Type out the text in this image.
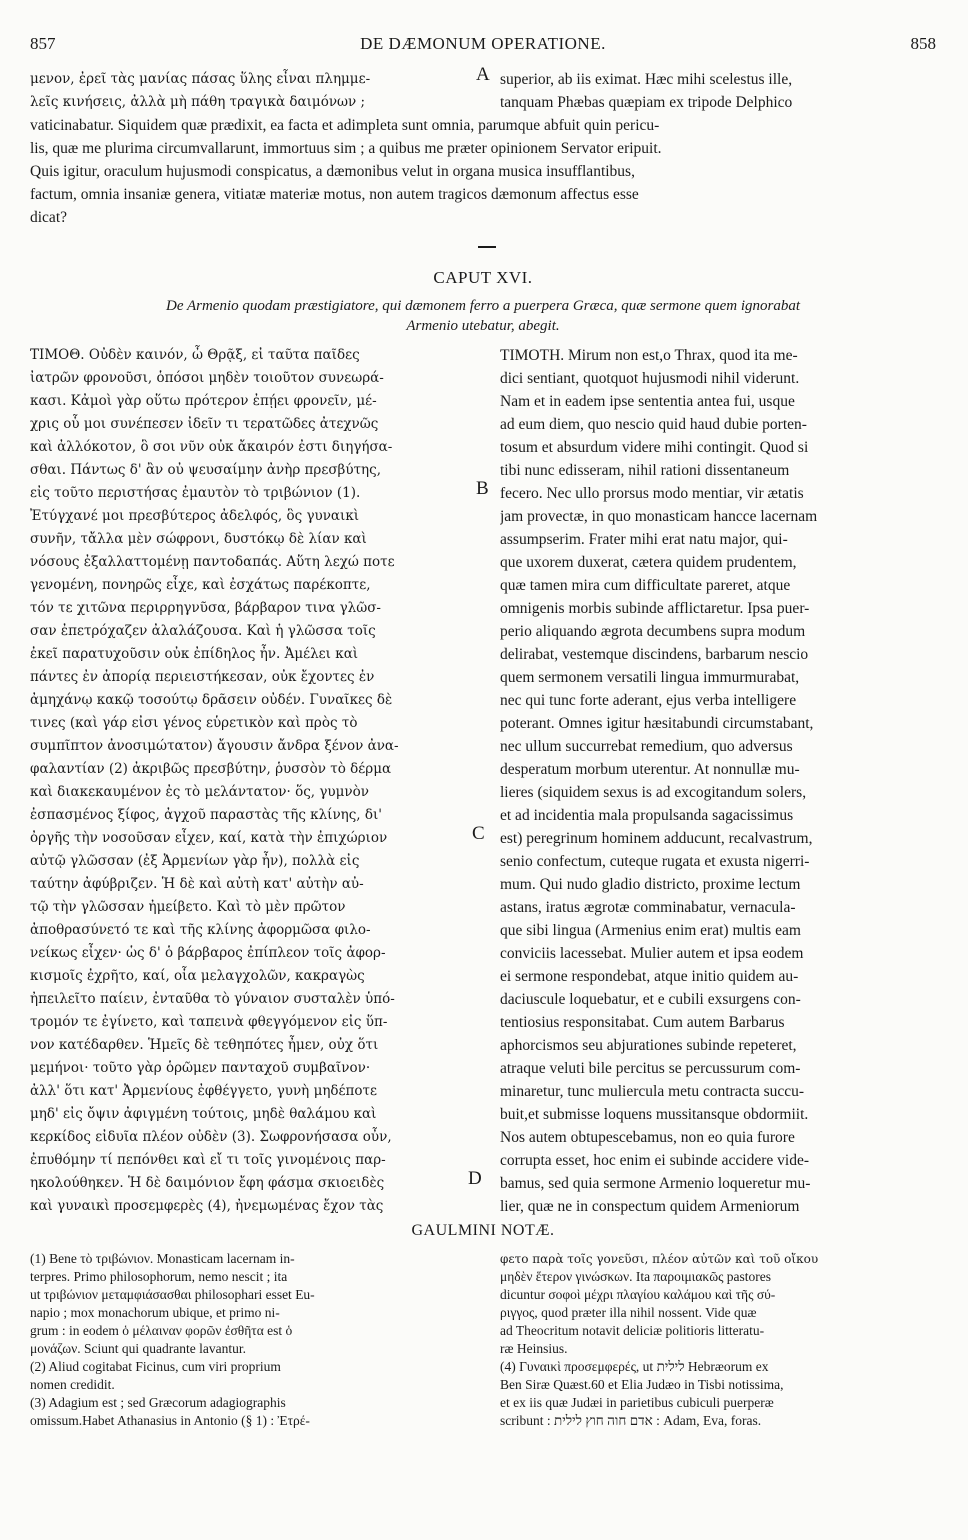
857	DE DÆMONUM OPERATIONE.	858
μενον, ἐρεῖ τὰς μανίας πάσας ὕλης εἶναι πλημμε-
λεῖς κινήσεις, ἀλλὰ μὴ πάθη τραγικὰ δαιμόνων ;
superior, ab iis eximat. Hæc mihi scelestus ille,
tanquam Phæbas quæpiam ex tripode Delphico
A
vaticinabatur. Siquidem quæ prædixit, ea facta et adimpleta sunt omnia, parumque abfuit quin pericu-
lis, quæ me plurima circumvallarunt, immortuus sim ; a quibus me præter opinionem Servator eripuit.
Quis igitur, oraculum hujusmodi conspicatus, a dæmonibus velut in organa musica insufflantibus,
factum, omnia insaniæ genera, vitiatæ materiæ motus, non autem tragicos dæmonum affectus esse
dicat?
CAPUT XVI.
De Armenio quodam præstigiatore, qui dæmonem ferro a puerpera Græca, quæ sermone quem ignorabat
Armenio utebatur, abegit.
ΤΙΜΟΘ. Οὐδὲν καινόν, ὦ Θρᾷξ, εἰ ταῦτα παῖδες
ἰατρῶν φρονοῦσι, ὁπόσοι μηδὲν τοιοῦτον συνεωρά-
κασι. Κἀμοὶ γὰρ οὕτω πρότερον ἐπῄει φρονεῖν, μέ-
χρις οὗ μοι συνέπεσεν ἰδεῖν τι τερατῶδες ἀτεχνῶς
καὶ ἀλλόκοτον, ὃ σοι νῦν οὐκ ἄκαιρόν ἐστι διηγήσα-
σθαι. Πάντως δ' ἂν οὐ ψευσαίμην ἀνὴρ πρεσβύτης,
εἰς τοῦτο περιστήσας ἐμαυτὸν τὸ τριβώνιον (1).
Ἐτύγχανέ μοι πρεσβύτερος ἀδελφός, ὃς γυναικὶ
συνῆν, τἄλλα μὲν σώφρονι, δυστόκῳ δὲ λίαν καὶ
νόσους ἐξαλλαττομένῃ παντοδαπάς. Αὕτη λεχώ ποτε
γενομένη, πονηρῶς εἶχε, καὶ ἐσχάτως παρέκοπτε,
τόν τε χιτῶνα περιρρηγνῦσα, βάρβαρον τινα γλῶσ-
σαν ἐπετρόχαζεν ἀλαλάζουσα. Καὶ ἡ γλῶσσα τοῖς
ἐκεῖ παρατυχοῦσιν οὐκ ἐπίδηλος ἦν. Ἀμέλει καὶ
πάντες ἐν ἀπορίᾳ περιειστήκεσαν, οὐκ ἔχοντες ἐν
ἀμηχάνῳ κακῷ τοσούτῳ δρᾶσειν οὐδέν. Γυναῖκες δὲ
τινες (καὶ γάρ εἰσι γένος εὑρετικὸν καὶ πρὸς τὸ
συμπῖπτον ἀνοσιμώτατον) ἄγουσιν ἄνδρα ξένον ἀνα-
φαλαντίαν (2) ἀκριβῶς πρεσβύτην, ῥυσσὸν τὸ δέρμα
καὶ διακεκαυμένον ἐς τὸ μελάντατον· ὅς, γυμνὸν
ἐσπασμένος ξίφος, ἀγχοῦ παραστὰς τῆς κλίνης, δι'
ὀργῆς τὴν νοσοῦσαν εἶχεν, καί, κατὰ τὴν ἐπιχώριον
αὐτῷ γλῶσσαν (ἐξ Ἀρμενίων γὰρ ἦν), πολλὰ εἰς
ταύτην ἀφύβριζεν. Ἡ δὲ καὶ αὐτὴ κατ' αὐτὴν αὐ-
τῷ τὴν γλῶσσαν ἠμείβετο. Καὶ τὸ μὲν πρῶτον
ἀποθρασύνετό τε καὶ τῆς κλίνης ἀφορμῶσα φιλο-
νείκως εἶχεν· ὡς δ' ὁ βάρβαρος ἐπίπλεον τοῖς ἀφορ-
κισμοῖς ἐχρῆτο, καί, οἷα μελαγχολῶν, κακραγὼς
ἠπειλεῖτο παίειν, ἐνταῦθα τὸ γύναιον συσταλὲν ὑπό-
τρομόν τε ἐγίνετο, καὶ ταπεινὰ φθεγγόμενον εἰς ὕπ-
νον κατέδαρθεν. Ἡμεῖς δὲ τεθηπότες ἦμεν, οὐχ ὅτι
μεμήνοι· τοῦτο γὰρ ὁρῶμεν πανταχοῦ συμβαῖνον·
ἀλλ' ὅτι κατ' Ἀρμενίους ἐφθέγγετο, γυνὴ μηδέποτε
μηδ' εἰς ὄψιν ἀφιγμένη τούτοις, μηδὲ θαλάμου καὶ
κερκίδος εἰδυῖα πλέον οὐδὲν (3). Σωφρονήσασα οὖν,
ἐπυθόμην τί πεπόνθει καὶ εἴ τι τοῖς γινομένοις παρ-
ηκολούθηκεν. Ἡ δὲ δαιμόνιον ἔφη φάσμα σκιοειδὲς
καὶ γυναικὶ προσεμφερὲς (4), ἠνεμωμένας ἔχον τὰς
B
C
D
TIMOTH. Mirum non est,o Thrax, quod ita me-
dici sentiant, quotquot hujusmodi nihil viderunt.
Nam et in eadem ipse sententia antea fui, usque
ad eum diem, quo nescio quid haud dubie porten-
tosum et absurdum videre mihi contingit. Quod si
tibi nunc edisseram, nihil rationi dissentaneum
fecero. Nec ullo prorsus modo mentiar, vir ætatis
jam provectæ, in quo monasticam hancce lacernam
assumpserim. Frater mihi erat natu major, qui-
que uxorem duxerat, cætera quidem prudentem,
quæ tamen mira cum difficultate pareret, atque
omnigenis morbis subinde afflictaretur. Ipsa puer-
perio aliquando ægrota decumbens supra modum
delirabat, vestemque discindens, barbarum nescio
quem sermonem versatili lingua immurmurabat,
nec qui tunc forte aderant, ejus verba intelligere
poterant. Omnes igitur hæsitabundi circumstabant,
nec ullum succurrebat remedium, quo adversus
desperatum morbum uterentur. At nonnullæ mu-
lieres (siquidem sexus is ad excogitandum solers,
et ad incidentia mala propulsanda sagacissimus
est) peregrinum hominem adducunt, recalvastrum,
senio confectum, cuteque rugata et exusta nigerri-
mum. Qui nudo gladio districto, proxime lectum
astans, iratus ægrotæ comminabatur, vernacula-
que sibi lingua (Armenius enim erat) multis eam
conviciis lacessebat. Mulier autem et ipsa eodem
ei sermone respondebat, atque initio quidem au-
daciuscule loquebatur, et e cubili exsurgens con-
tentiosius responsitabat. Cum autem Barbarus
aphorcismos seu abjurationes subinde repeteret,
atraque veluti bile percitus se percussurum com-
minaretur, tunc muliercula metu contracta succu-
buit,et submisse loquens mussitansque obdormiit.
Nos autem obtupescebamus, non eo quia furore
corrupta esset, hoc enim ei subinde accidere vide-
bamus, sed quia sermone Armenio loqueretur mu-
lier, quæ ne in conspectum quidem Armeniorum
GAULMINI NOTÆ.
(1) Bene τὸ τριβώνιον. Monasticam lacernam in-
terpres. Primo philosophorum, nemo nescit ; ita
ut τριβώνιον μεταμφιάσασθαι philosophari esset Eu-
napio ; mox monachorum ubique, et primo ni-
grum : in eodem ὁ μέλαιναν φορῶν ἐσθῆτα est ὁ
μονάζων. Sciunt qui quadrante lavantur.
(2) Aliud cogitabat Ficinus, cum viri proprium
nomen credidit.
(3) Adagium est ; sed Græcorum adagiographis
omissum.Habet Athanasius in Antonio (§ 1) : Ἐτρέ-
φετο παρὰ τοῖς γονεῦσι, πλέον αὐτῶν καὶ τοῦ οἴκου
μηδὲν ἕτερον γινώσκων. Ita παροιμιακῶς pastores
dicuntur σοφοὶ μέχρι πλαγίου καλάμου καὶ τῆς σύ-
ριγγος, quod præter illa nihil nossent. Vide quæ
ad Theocritum notavit deliciæ politioris litteratu-
ræ Heinsius.
(4) Γυναικὶ προσεμφερές, ut לילית Hebræorum ex
Ben Siræ Quæst.60 et Elia Judæo in Tisbi notissima,
et ex iis quæ Judæi in parietibus cubiculi puerperæ
scribunt : אדם חוה חוץ לילית : Adam, Eva, foras.
